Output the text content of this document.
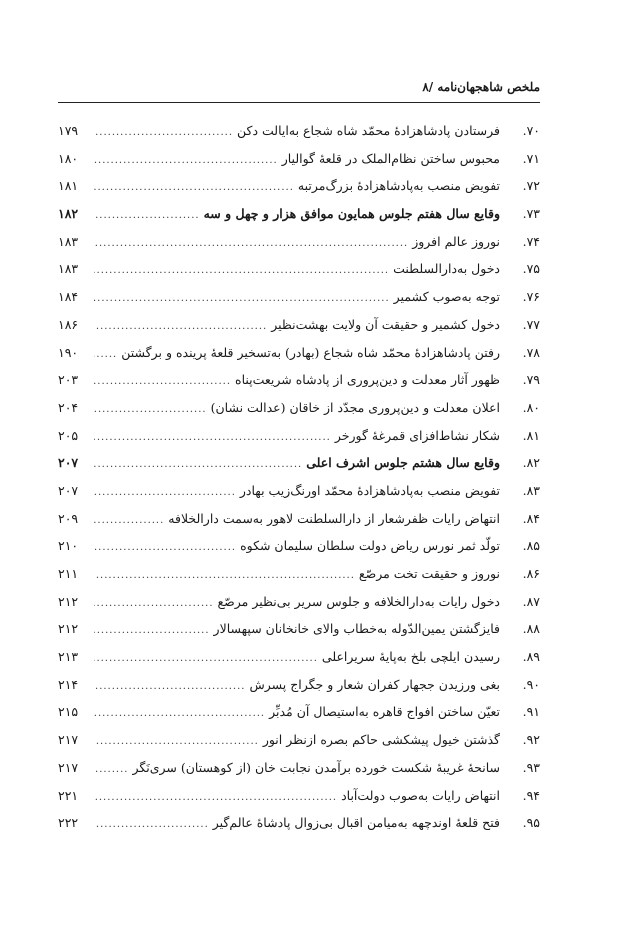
ملخص شاهجهان‌نامه /۸
۷۰.
فرستادن پادشاهزادهٔ محمّد شاه شجاع به‌ایالت دکن
.....
۱۷۹
۷۱.
محبوس ساختن نظام‌الملک در قلعهٔ گوالیار
.....
۱۸۰
۷۲.
تفویض منصب به‌پادشاهزادهٔ بزرگ‌مرتبه
.....
۱۸۱
۷۳.
وقایع سال هفتم جلوس همایون موافق هزار و چهل و سه
.....
۱۸۲
۷۴.
نوروز عالم افروز
.....
۱۸۳
۷۵.
دخول به‌دارالسلطنت
.....
۱۸۳
۷۶.
توجه به‌صوب کشمیر
.....
۱۸۴
۷۷.
دخول کشمیر و حقیقت آن ولایت بهشت‌نظیر
.....
۱۸۶
۷۸.
رفتن پادشاهزادهٔ محمّد شاه شجاع (بهادر) به‌تسخیر قلعهٔ پرینده و برگشتن
.....
۱۹۰
۷۹.
ظهور آثار معدلت و دین‌پروری از پادشاه شریعت‌پناه
.....
۲۰۳
۸۰.
اعلان معدلت و دین‌پروری مجدّد از خاقان (عدالت نشان)
.....
۲۰۴
۸۱.
شکار نشاط‌افزای قمرغهٔ گورخر
.....
۲۰۵
۸۲.
وقایع سال هشتم جلوس اشرف اعلی
.....
۲۰۷
۸۳.
تفویض منصب به‌پادشاهزادهٔ محمّد اورنگ‌زیب بهادر
.....
۲۰۷
۸۴.
انتهاض رایات ظفرشعار از دارالسلطنت لاهور به‌سمت دارالخلافه
.....
۲۰۹
۸۵.
تولّد ثمر نورس ریاض دولت سلطان سلیمان شکوه
.....
۲۱۰
۸۶.
نوروز و حقیقت تخت مرصّع
.....
۲۱۱
۸۷.
دخول رایات به‌دارالخلافه و جلوس سریر بی‌نظیر مرصّع
.....
۲۱۲
۸۸.
فایزگشتن یمین‌الدّوله به‌خطاب والای خانخانان سپهسالار
.....
۲۱۲
۸۹.
رسیدن ایلچی بلخ به‌پایهٔ سریراعلی
.....
۲۱۳
۹۰.
بغی ورزیدن ججهار کفران شعار و جگراج پسرش
.....
۲۱۴
۹۱.
تعیّن ساختن افواج قاهره به‌استیصال آن مُدبِّر
.....
۲۱۵
۹۲.
گذشتن خیول پیشکشی حاکم بصره ازنظر انور
.....
۲۱۷
۹۳.
سانحهٔ غریبهٔ شکست خورده برآمدن نجابت خان (از کوهستان) سری‌نَگر
.....
۲۱۷
۹۴.
انتهاض رایات به‌صوب دولت‌آباد
.....
۲۲۱
۹۵.
فتح قلعهٔ اوندچهه به‌میامن اقبال بی‌زوال پادشاهٔ عالم‌گیر
.....
۲۲۲
